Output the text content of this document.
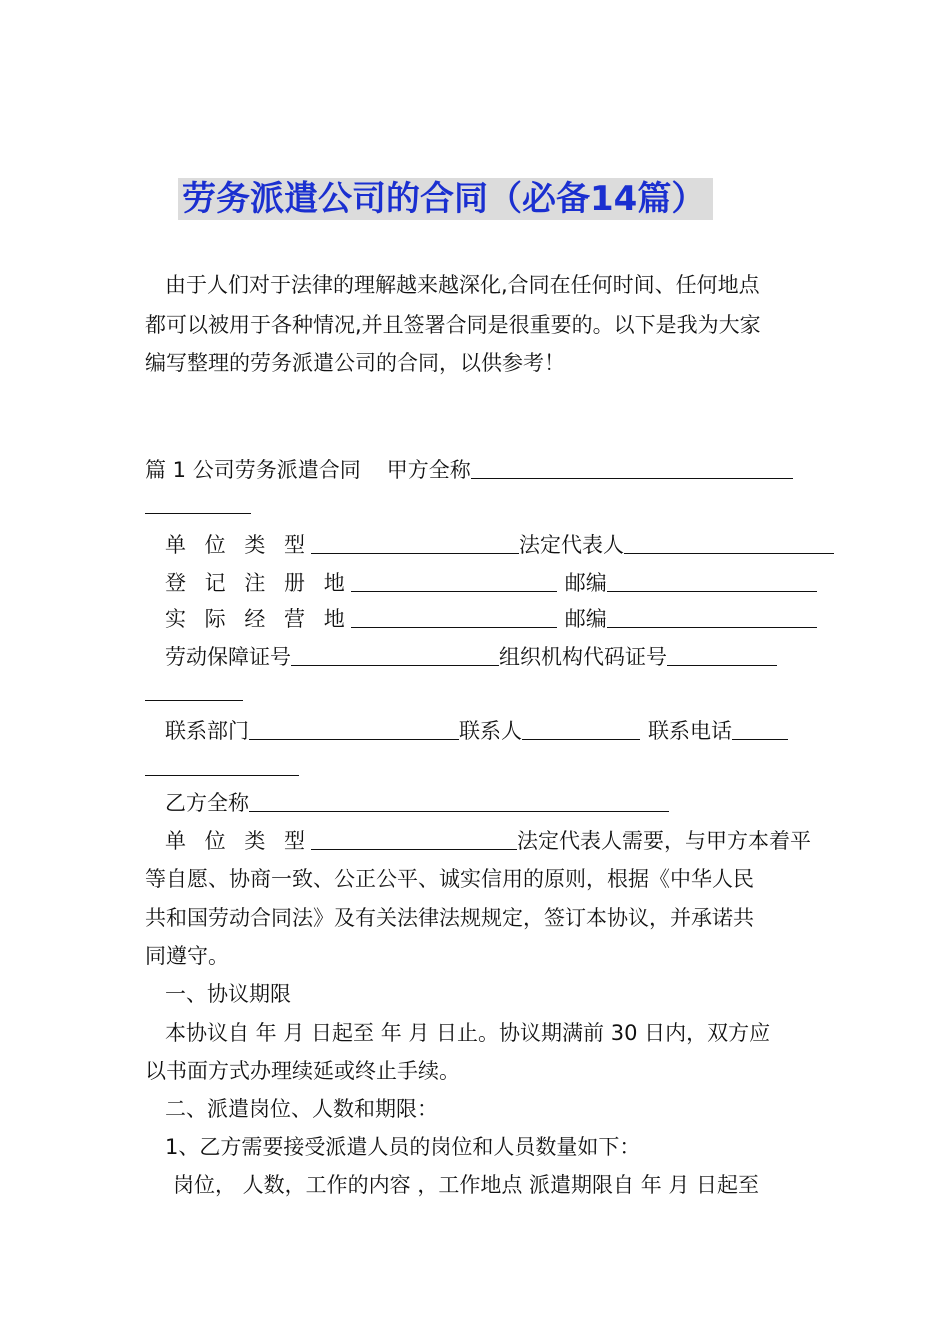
劳务派遣公司的合同（必备14篇）
由于人们对于法律的理解越来越深化,合同在任何时间、任何地点
都可以被用于各种情况,并且签署合同是很重要的。以下是我为大家
编写整理的劳务派遣公司的合同，以供参考！
篇 1 公司劳务派遣合同 甲方全称
单 位 类 型	法定代表人
登 记 注 册 地	邮编
实 际 经 营 地	邮编
劳动保障证号	组织机构代码证号
联系部门	联系人	联系电话
乙方全称
单 位 类 型	法定代表人需要，与甲方本着平
等自愿、协商一致、公正公平、诚实信用的原则，根据《中华人民
共和国劳动合同法》及有关法律法规规定，签订本协议，并承诺共
同遵守。
一、协议期限
本协议自 年 月 日起至 年 月 日止。协议期满前 30 日内，双方应
以书面方式办理续延或终止手续。
二、派遣岗位、人数和期限：
1、乙方需要接受派遣人员的岗位和人员数量如下：
岗位， 人数，工作的内容 ，工作地点 派遣期限自 年 月 日起至
